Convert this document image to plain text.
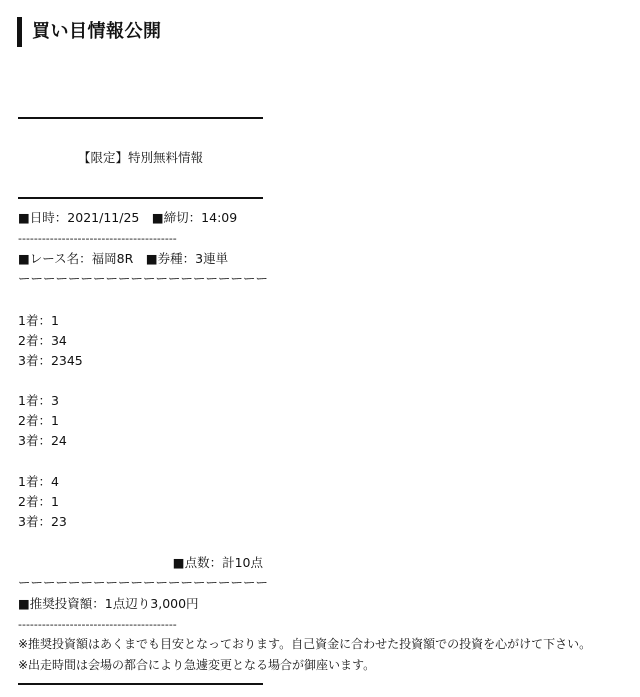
買い目情報公開
【限定】特別無料情報
■日時：2021/11/25　■締切：14:09
----------------------------------------
■レース名：福岡8R　■券種：3連単
ーーーーーーーーーーーーーーーーーーーー
1着：1
2着：34
3着：2345
1着：3
2着：1
3着：24
1着：4
2着：1
3着：23
■点数：計10点
ーーーーーーーーーーーーーーーーーーーー
■推奨投資額：1点辺り3,000円
----------------------------------------
※推奨投資額はあくまでも目安となっております。自己資金に合わせた投資額での投資を心がけて下さい。
※出走時間は会場の都合により急遽変更となる場合が御座います。
